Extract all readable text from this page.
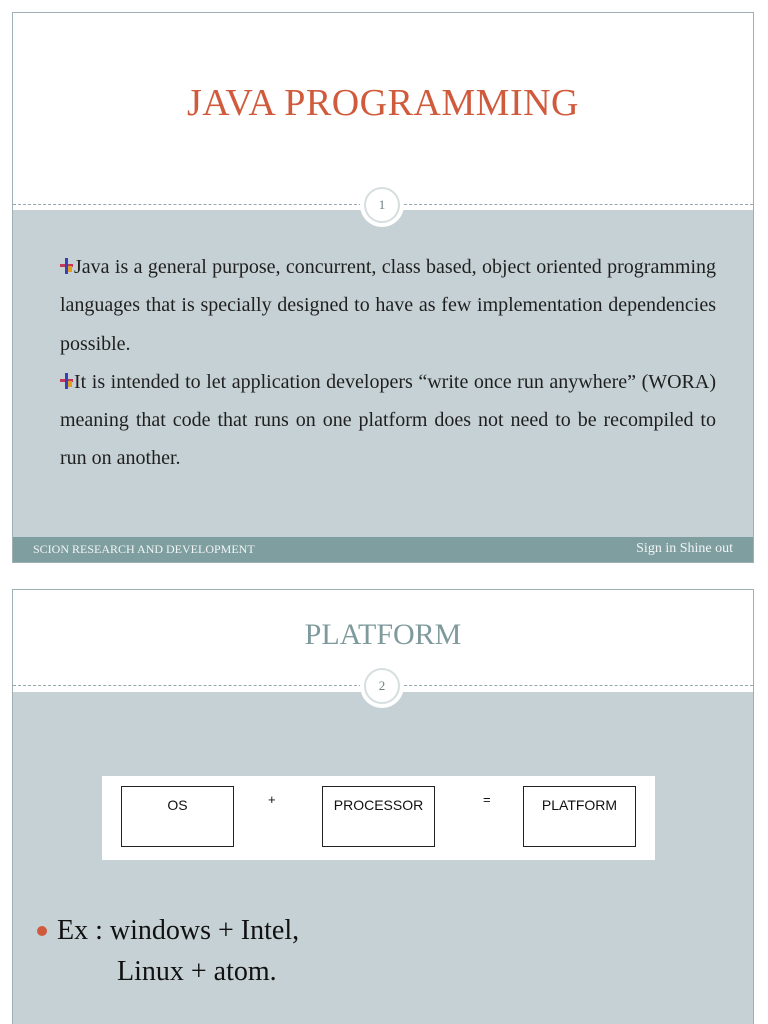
JAVA PROGRAMMING

Java is a general purpose, concurrent, class based, object oriented programming languages that is specially designed to have as few implementation dependencies possible.

It is intended to let application developers “write once run anywhere” (WORA) meaning that code that runs on one platform does not need to be recompiled to run on another.

1
SCION RESEARCH AND DEVELOPMENT	Sign in Shine out
PLATFORM
OS	+	PROCESSOR	=	PLATFORM
Ex : windows + Intel,
Linux + atom.
2
